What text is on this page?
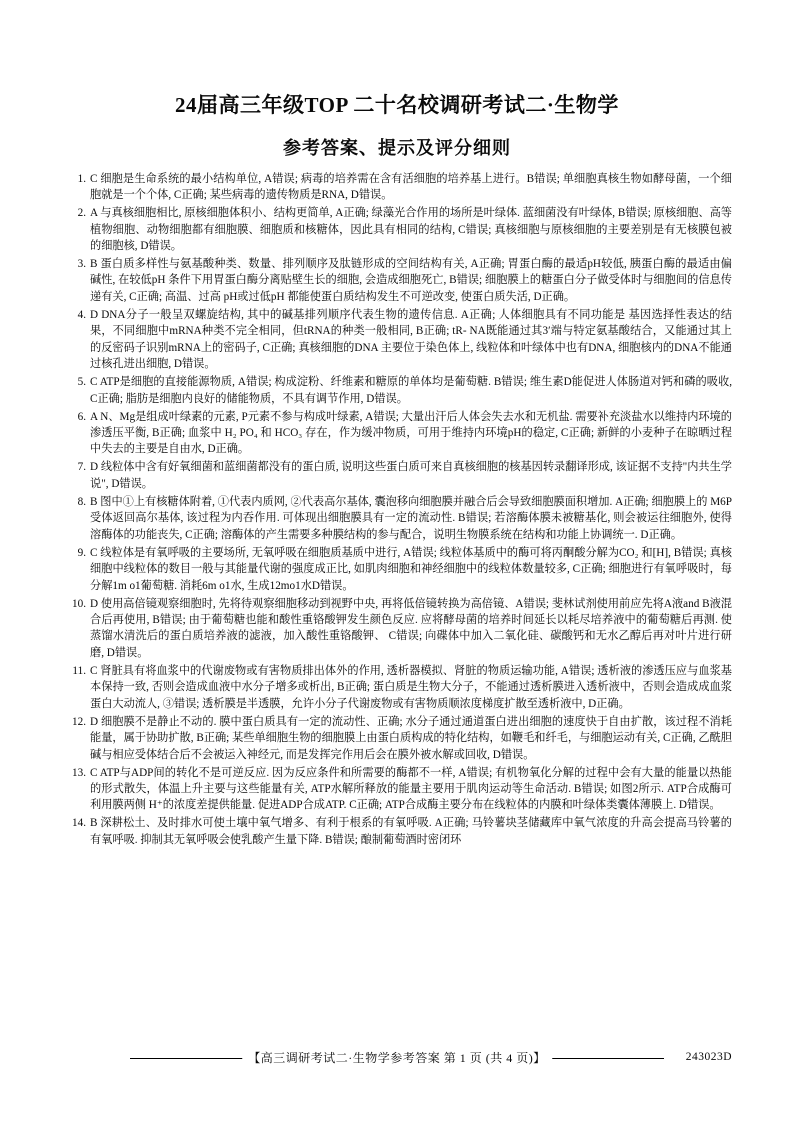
24届高三年级TOP 二十名校调研考试二·生物学
参考答案、提示及评分细则
1. C 细胞是生命系统的最小结构单位, A错误; 病毒的培养需在含有活细胞的培养基上进行。B错误; 单细胞真核生物如酵母菌，一个细胞就是一个个体, C正确; 某些病毒的遗传物质是RNA, D错误。
2. A 与真核细胞相比, 原核细胞体积小、结构更简单, A正确; 绿藻光合作用的场所是叶绿体. 蓝细菌没有叶绿体, B错误; 原核细胞、高等植物细胞、动物细胞都有细胞膜、细胞质和核糖体，因此具有相同的结构, C错误; 真核细胞与原核细胞的主要差别是有无核膜包被的细胞核, D错误。
3. B 蛋白质多样性与氨基酸种类、数量、排列顺序及肽链形成的空间结构有关, A正确; 胃蛋白酶的最适pH较低, 胰蛋白酶的最适由偏碱性, 在较低pH 条件下用胃蛋白酶分离贴壁生长的细胞, 会造成细胞死亡, B错误; 细胞膜上的糖蛋白分子做受体时与细胞间的信息传递有关, C正确; 高温、过高 pH或过低pH 都能使蛋白质结构发生不可逆改变, 使蛋白质失活, D正确。
4. D DNA分子一般呈双螺旋结构, 其中的碱基排列顺序代表生物的遗传信息. A正确; 人体细胞具有不同功能是 基因选择性表达的结果，不同细胞中mRNA种类不完全相同，但tRNA的种类一般相同, B正确; tR- NA既能通过其3′端与特定氨基酸结合，又能通过其上的反密码子识别mRNA上的密码子, C正确; 真核细胞的DNA 主要位于染色体上, 线粒体和叶绿体中也有DNA, 细胞核内的DNA不能通过核孔进出细胞, D错误。
5. C ATP是细胞的直接能源物质, A错误; 构成淀粉、纤维素和糖原的单体均是葡萄糖. B错误; 维生素D能促进人体肠道对钙和磷的吸收, C正确; 脂肪是细胞内良好的储能物质，不具有调节作用, D错误。
6. A N、Mg是组成叶绿素的元素, P元素不参与构成叶绿素, A错误; 大量出汗后人体会失去水和无机盐. 需要补充淡盐水以维持内环境的渗透压平衡, B正确; 血浆中 H₂ PO₄ 和 HCO₃ 存在，作为缓冲物质，可用于维持内环境pH的稳定, C正确; 新鲜的小麦种子在晾晒过程中失去的主要是自由水, D正确。
7. D 线粒体中含有好氧细菌和蓝细菌都没有的蛋白质, 说明这些蛋白质可来自真核细胞的核基因转录翻译形成, 该证据不支持"内共生学说", D错误。
8. B 图中①上有核糖体附着, ①代表内质网, ②代表高尔基体, 囊泡移向细胞膜并融合后会导致细胞膜面积增加. A正确; 细胞膜上的 M6P受体返回高尔基体, 该过程为内吞作用. 可体现出细胞膜具有一定的流动性. B错误; 若溶酶体膜未被糖基化, 则会被运往细胞外, 使得溶酶体的功能丧失, C正确; 溶酶体的产生需要多种膜结构的参与配合，说明生物膜系统在结构和功能上协调统一. D正确。
9. C 线粒体是有氧呼吸的主要场所, 无氧呼吸在细胞质基质中进行, A错误; 线粒体基质中的酶可将丙酮酸分解为CO₂ 和[H], B错误; 真核细胞中线粒体的数目一般与其能量代谢的强度成正比, 如肌肉细胞和神经细胞中的线粒体数量较多, C正确; 细胞进行有氧呼吸时，每分解1m o1葡萄糖. 消耗6m o1水, 生成12mo1水D错误。
10. D 使用高倍镜观察细胞时, 先将待观察细胞移动到视野中央, 再将低倍镜转换为高倍镜、A错误; 斐林试剂使用前应先将A液and B液混合后再使用, B错误; 由于葡萄糖也能和酸性重铬酸钾发生颜色反应. 应将酵母菌的培养时间延长以耗尽培养液中的葡萄糖后再测. 使蒸馏水清洗后的蛋白质培养液的滤液，加入酸性重铬酸钾、 C错误; 向碟体中加入二氧化硅、碳酸钙和无水乙醇后再对叶片进行研磨, D错误。
11. C 肾脏具有将血浆中的代谢废物或有害物质排出体外的作用, 透析器模拟、肾脏的物质运输功能, A错误; 透析液的渗透压应与血浆基本保持一致, 否则会造成血液中水分子增多或析出, B正确; 蛋白质是生物大分子，不能通过透析膜进入透析液中，否则会造成成血浆蛋白大动流人, ③错误; 透析膜是半透膜，允许小分子代谢废物或有害物质顺浓度梯度扩散至透析液中, D正确。
12. D 细胞膜不是静止不动的. 膜中蛋白质具有一定的流动性、正确; 水分子通过通道蛋白进出细胞的速度快于自由扩散，该过程不消耗能量，属于协助扩散, B正确; 某些单细胞生物的细胞膜上由蛋白质构成的特化结构，如鞭毛和纤毛，与细胞运动有关, C正确, 乙酰胆碱与相应受体结合后不会被运入神经元, 而是发挥完作用后会在膜外被水解或回收, D错误。
13. C ATP与ADP间的转化不是可逆反应. 因为反应条件和所需要的酶都不一样, A错误; 有机物氧化分解的过程中会有大量的能量以热能的形式散失，体温上升主要与这些能量有关, ATP水解所释放的能量主要用于肌肉运动等生命活动. B错误; 如图2所示. ATP合成酶可利用膜两侧 H⁺的浓度差提供能量. 促进ADP合成ATP. C正确; ATP合成酶主要分布在线粒体的内膜和叶绿体类囊体薄膜上. D错误。
14. B 深耕松土、及时排水可使土壤中氧气增多、有利于根系的有氧呼吸. A正确; 马铃薯块茎储藏库中氧气浓度的升高会提高马铃薯的有氧呼吸. 抑制其无氧呼吸会使乳酸产生量下降. B错误; 酿制葡萄酒时密闭环
【高三调研考试二·生物学参考答案 第 1 页 (共 4 页)】	243023D
